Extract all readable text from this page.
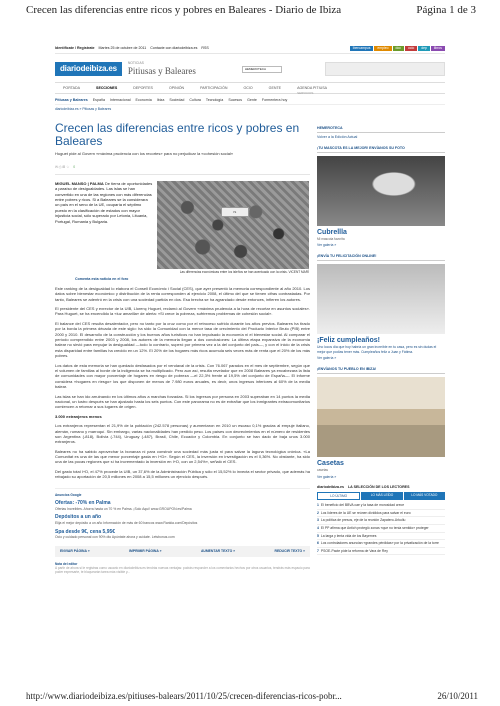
Crecen las diferencias entre ricos y pobres en Baleares - Diario de Ibiza	Página 1 de 3
Identifícate / Regístrate Martes 25 de octubre de 2011 Contacte con diariodeibiza.es RSS	Ibercampus	empleo	doc	ocio	dep	libros
diariodeibiza.es
NOTICIAS
Pitiusas y Baleares	HEMEROTECA
PORTADA	SECCIONES	DEPORTES	OPINIÓN	PARTICIPACIÓN	OCIO	GENTE	AGENDA PITIUSA
SERVICIOS
Pitiusas y Baleares España Internacional Economía Ibiza Sociedad Cultura Tecnología Sucesos Gente Formentera hoy
diariodeibiza.es » Pitiusas y Baleares
Crecen las diferencias entre ricos y pobres en Baleares
Huguet pide al Govern «máxima prudencia con los recortes» para no perjudicar la «cohesión social»
✉ ⎙ ⊞ ☆ 0
MIGUEL MANSO | PALMA De tierra de oportunidades a paraíso de desigualdades. Las islas se han convertido en una de las regiones con más diferencias entre pobres y ricos. Si a Baleares se la considerara un país en el seno de la UE, ocuparía el séptimo puesto en la clasificación de estados con mayor injusticia social, sólo superado por Letonia, Lituania, Portugal, Rumania y Bulgaria.
IS
Las diferencias económicas entre los isleños se han acentuado con la crisis. VICENT MARÍ
Comenta esta noticia en el foro

Este ranking de la desigualdad lo elabora el Consell Econòmic i Social (CES), que ayer presentó la memoria correspondiente al año 2010. Los datos sobre bienestar económico y distribución de la renta corresponden al ejercicio 2008, el último del que se tienen cifras contrastadas. Por tanto, Baleares se adentró en la crisis con una sociedad partida en dos. Esa brecha se ha agrandado desde entonces, infieren los autores.

El presidente del CES y exrector de la UIB, Llorenç Huguet, reclamó al Govern «máxima prudencia a la hora de recortar en asuntos sociales». Para Huguet, se ha encendido la «luz amarilla» de alerta: «Si crece la pobreza, sufriremos problemas de cohesión social».

El balance del CES resulta desalentador, pero no tanto por la cruz como por el retroceso sufrido durante los años previos. Baleares ha tirado por la borda la primera década de este siglo: ha sido la Comunidad con la menor tasa de crecimiento del Producto Interior Bruto (PIB) entre 2000 y 2010. El desarrollo de la construcción y los buenos años turísticos no han impulsado la economía ni el bienestar social. Al comparar el período comprendido entre 2003 y 2008, los autores de la memoria llegan a dos conclusiones: La última etapa expansiva de la economía balear no sirvió para empujar la desigualdad —todo lo contrario, superó por primera vez a la del conjunto del país—, y con el inicio de la crisis esta disparidad entre familias ha crecido en un 12%. El 20% de los hogares más ricos acumula seis veces más de renta que el 20% de los más pobres.

Los datos de esta memoria se han quedado desfasados por el vendaval de la crisis. Con 76.067 parados en el mes de septiembre, según que el volumen de familias al borde de la indigencia se ha multiplicado. Pero aun así, resulta revelador que en 2008 Baleares ya encabezara la lista de comunidades con mayor porcentaje de hogares en riesgo de pobreza —el 22,3% frente al 19,5% del conjunto de España—. El informe considera «hogares en riesgo» los que disponen de menos de 7.980 euros anuales, es decir, unos ingresos inferiores al 60% de la media balear.

Las islas se han ido arruinando en los últimos años a marchas forzadas. Si los ingresos por persona en 2003 superaban en 14 puntos la media nacional, un lustro después se han ajustado hasta los seis puntos. Con este panorama no es de extrañar que los inmigrantes extracomunitarios comiencen a retornar a sus lugares de origen.

3.000 extranjeros menos

Los extranjeros representan el 21,9% de la población (242.578 personas) y aumentaron en 2010 un escaso 0,1% gracias al empuje italiano, alemán, rumano y marroquí. Sin embargo, varias nacionalidades han perdido peso. Los países con decrecimientos en el número de residentes son Argentina (-818), Bolivia (-744), Uruguay (-487), Brasil, Chile, Ecuador y Colombia. En conjunto se han dado de baja unos 3.000 extranjeros.

Baleares no ha sabido aprovechar la bonanza ni para construir una sociedad más justa ni para salvar la laguna tecnológica crónica. «La Comunitat es una de las que menor porcentaje gasta en I+D». Según el CES, la inversión en investigación es el 0,36%. No obstante, ha sido una de las pocas regiones que sí ha incrementado la inversión en I+D, con un 2,54%», señaló el CES.

Del gasto total I+D, el 47% procede la UIB, un 37,6% de la Administración Pública y sólo el 15,52% lo invecta el sector privado, que además ha rebajado su aportación de 20,5 millones en 2008 a 15,5 millones un ejercicio después.

Anuncios Google
Ofertas: -70% en Palma
Ofertas Increíbles. Ahorra hasta un 70 % en Palma. ¡Solo Aquí! www.GROUPON.es/Palma
Depósitos a un año
Elija el mejor depósito a un año Información de más de 60 bancos www.Rankia.com/Depósitos
Spa desde 9€, cena 5,95€
Ocio y cuidado personal con 90% dto Apúntate ahora y cuídate. Letsbonus.com
ENVIAR PÁGINA »	IMPRIMIR PÁGINA »	AUMENTAR TEXTO »	REDUCIR TEXTO »
Nota del editor
A partir de ahora si le registras como usuario en diariodeibiza.es tendrás nuevas ventajas: podrás responder a los comentarios hechos por otros usuarios, tendrás más espacio para poder expresarte, te bloquearán tarea más visible y...
HEMEROTECA
Volver a la Edición Actual
¡TU MASCOTA ES LA MEJOR! ENVÍANOS SU FOTO
Cubrellla
Mi mascota favorita
Ver galería »
¡ENVÍA TU FELICITACIÓN ONLINE!
¡Feliz cumpleaños!
Uno locos día que hoy habría un gran increíble en tu casa, pero es sin dudas el mejor que podías tener más. Cumpleaños feliz a Juan y Fátima.
Ver galería »
¡ENVÍANOS TU PUEBLO EN IBIZA!
Casetas
casetas
Ver galería »
diariodeibiza.es LA SELECCIÓN DE LOS LECTORES
LO ÚLTIMO	LO MÁS LEÍDO	LO MÁS VOTADO
1 El beneficio del BBVA cae y la tasa de morosidad crece
2 Los líderes de la UE se reúnen divididos para salvar el euro
3 La política de presos, eje de la reunión Zapatero-Urkullu
4 El PP afirma que Antich protegió zonas «que no tenía sentido» proteger
5 La larga y lenta vida de los Bayernes
6 Los controladores anuncian «grandes pérdidas» por la privatización de la torre
7 PSOE-Pacte pide la reforma de Vara de Rey
http://www.diariodeibiza.es/pitiuses-balears/2011/10/25/crecen-diferencias-ricos-pobr...	26/10/2011
